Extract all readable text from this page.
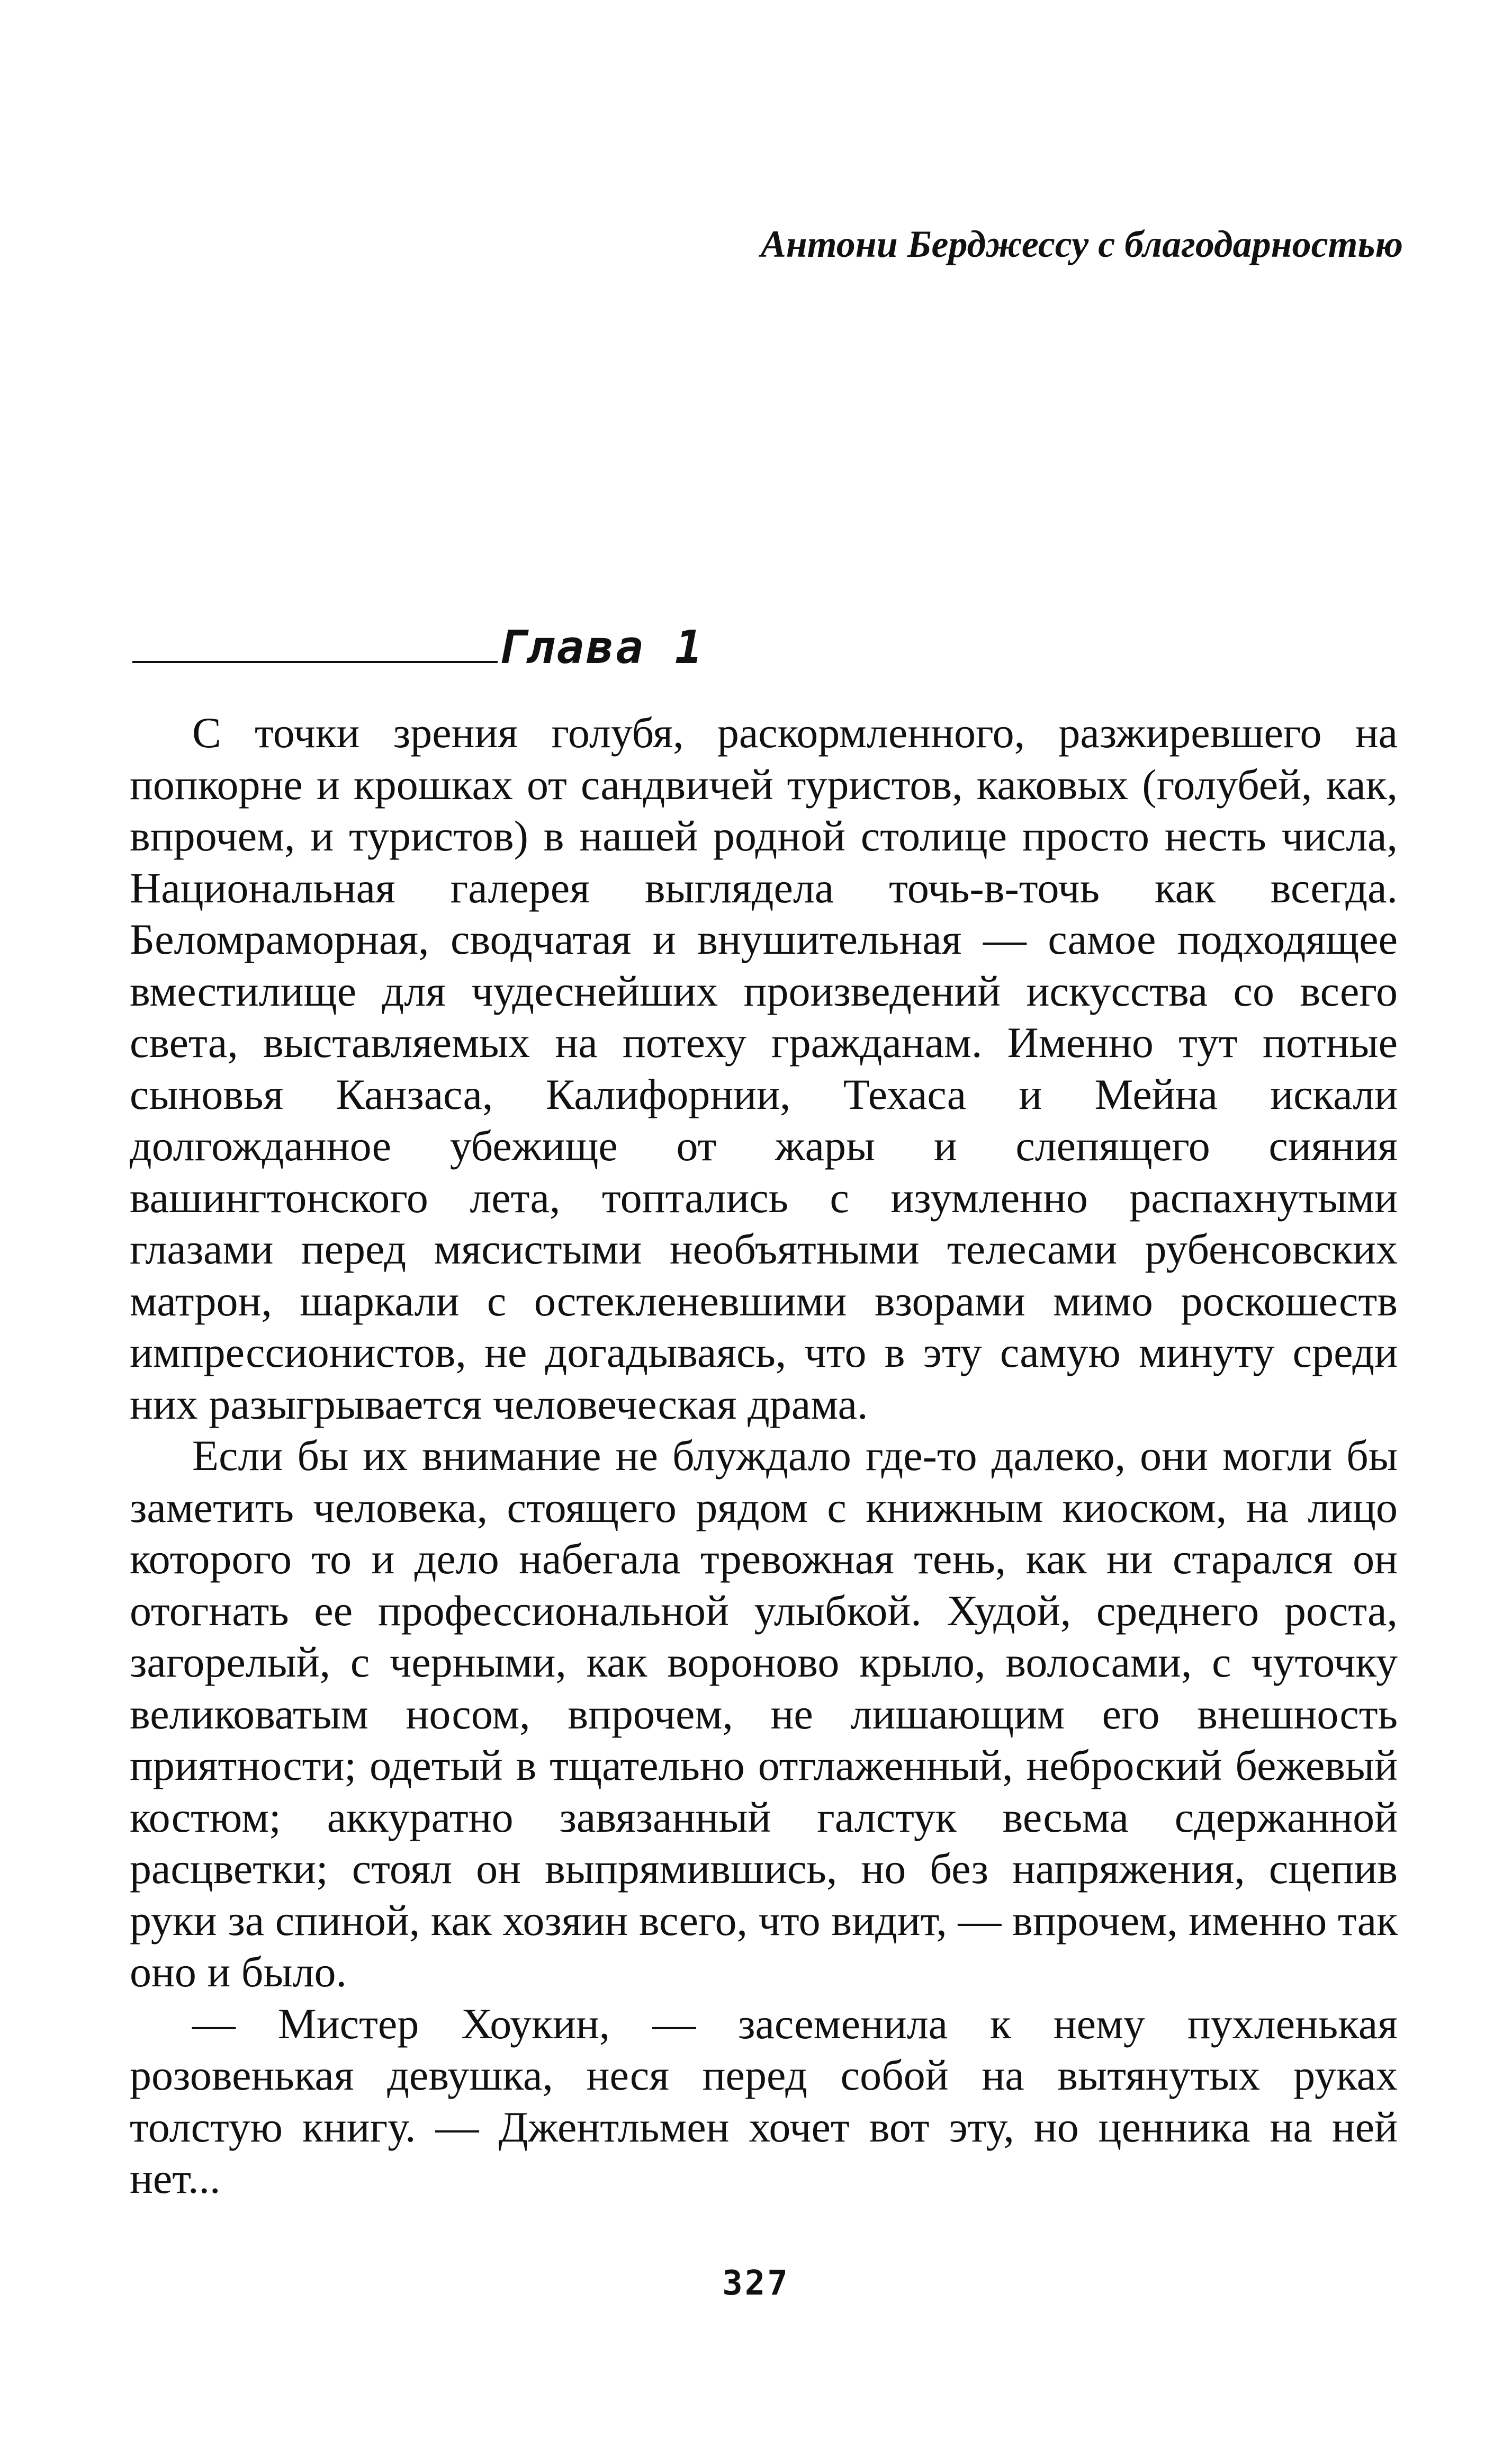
Антони Берджессу с благодарностью
Глава 1

С точки зрения голубя, раскормленного, разжиревшего на попкорне и крошках от сандвичей туристов, каковых (голубей, как, впрочем, и туристов) в нашей родной столице просто несть числа, Национальная галерея выглядела точь-в-точь как всегда. Беломраморная, сводчатая и внушительная — самое подходящее вместилище для чудеснейших произведений искусства со всего света, выставляемых на потеху гражданам. Именно тут потные сыновья Канзаса, Калифорнии, Техаса и Мейна искали долгожданное убежище от жары и слепящего сияния вашингтонского лета, топтались с изумленно распахнутыми глазами перед мясистыми необъятными телесами рубенсовских матрон, шаркали с остекленевшими взорами мимо роскошеств импрессионистов, не догадываясь, что в эту самую минуту среди них разыгрывается человеческая драма.

Если бы их внимание не блуждало где-то далеко, они могли бы заметить человека, стоящего рядом с книжным киоском, на лицо которого то и дело набегала тревожная тень, как ни старался он отогнать ее профессиональной улыбкой. Худой, среднего роста, загорелый, с черными, как вороново крыло, волосами, с чуточку великоватым носом, впрочем, не лишающим его внешность приятности; одетый в тщательно отглаженный, неброский бежевый костюм; аккуратно завязанный галстук весьма сдержанной расцветки; стоял он выпрямившись, но без напряжения, сцепив руки за спиной, как хозяин всего, что видит, — впрочем, именно так оно и было.

— Мистер Хоукин, — засеменила к нему пухленькая розовенькая девушка, неся перед собой на вытянутых руках толстую книгу. — Джентльмен хочет вот эту, но ценника на ней нет...

327
